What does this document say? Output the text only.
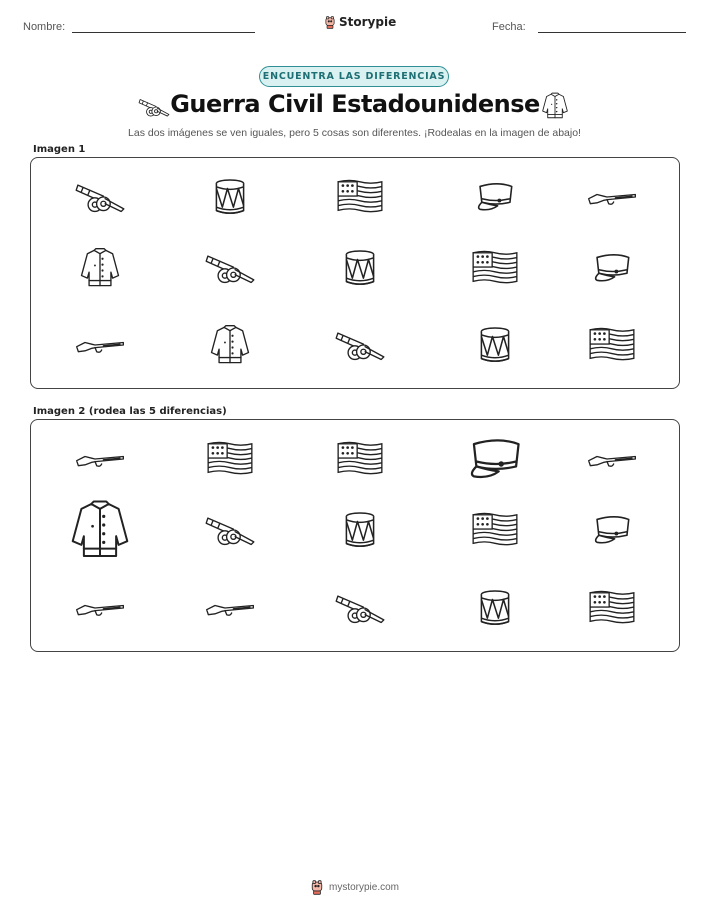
Nombre:	Storypie	Fecha:
ENCUENTRA LAS DIFERENCIAS
Guerra Civil Estadounidense
Las dos imágenes se ven iguales, pero 5 cosas son diferentes. ¡Rodealas en la imagen de abajo!
Imagen 1
Imagen 2 (rodea las 5 diferencias)
mystorypie.com
